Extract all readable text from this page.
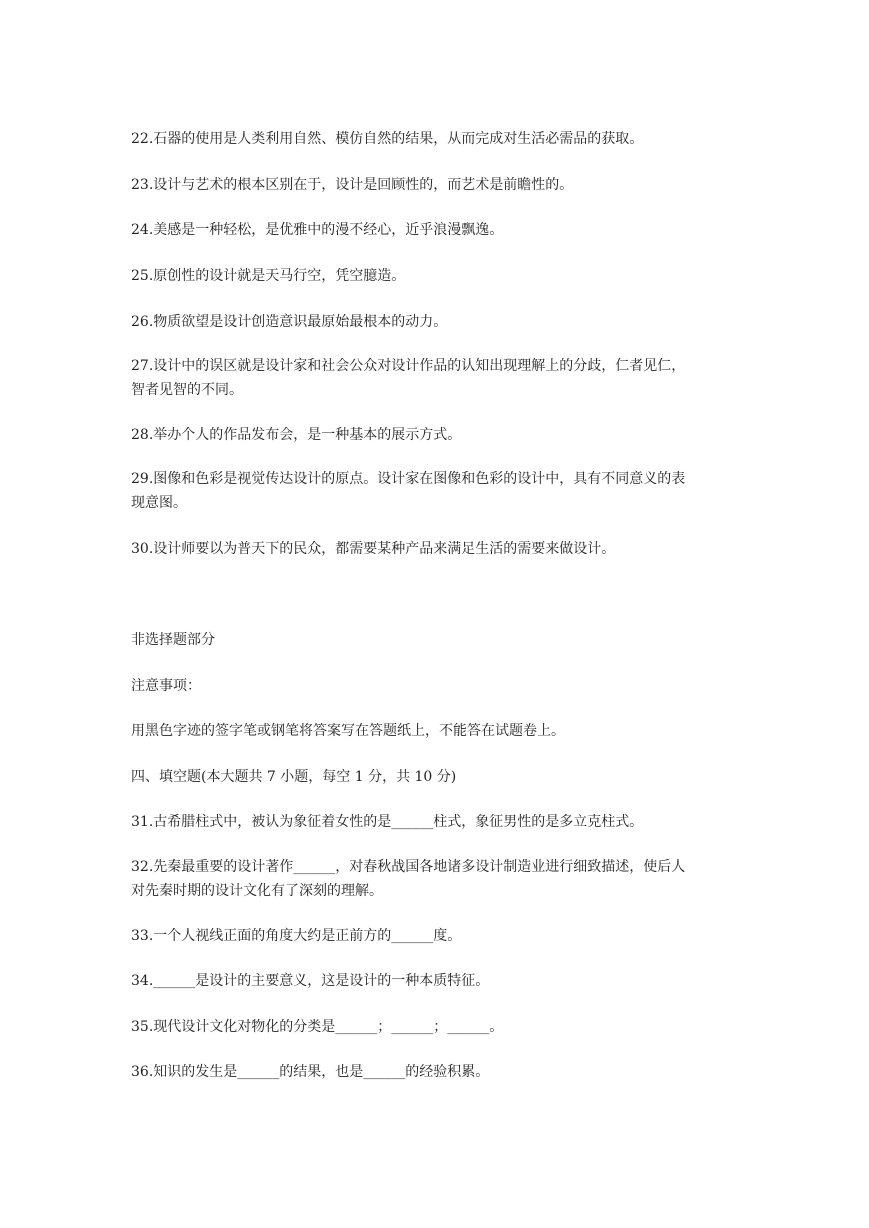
22.石器的使用是人类利用自然、模仿自然的结果，从而完成对生活必需品的获取。

23.设计与艺术的根本区别在于，设计是回顾性的，而艺术是前瞻性的。

24.美感是一种轻松，是优雅中的漫不经心，近乎浪漫飘逸。

25.原创性的设计就是天马行空，凭空臆造。

26.物质欲望是设计创造意识最原始最根本的动力。

27.设计中的误区就是设计家和社会公众对设计作品的认知出现理解上的分歧，仁者见仁，
智者见智的不同。

28.举办个人的作品发布会，是一种基本的展示方式。

29.图像和色彩是视觉传达设计的原点。设计家在图像和色彩的设计中，具有不同意义的表
现意图。

30.设计师要以为普天下的民众，都需要某种产品来满足生活的需要来做设计。

非选择题部分

注意事项：

用黑色字迹的签字笔或钢笔将答案写在答题纸上，不能答在试题卷上。

四、填空题(本大题共 7 小题，每空 1 分，共 10 分)

31.古希腊柱式中，被认为象征着女性的是______柱式，象征男性的是多立克柱式。

32.先秦最重要的设计著作______，对春秋战国各地诸多设计制造业进行细致描述，使后人
对先秦时期的设计文化有了深刻的理解。

33.一个人视线正面的角度大约是正前方的______度。

34.______是设计的主要意义，这是设计的一种本质特征。

35.现代设计文化对物化的分类是______；______；______。

36.知识的发生是______的结果，也是______的经验积累。
